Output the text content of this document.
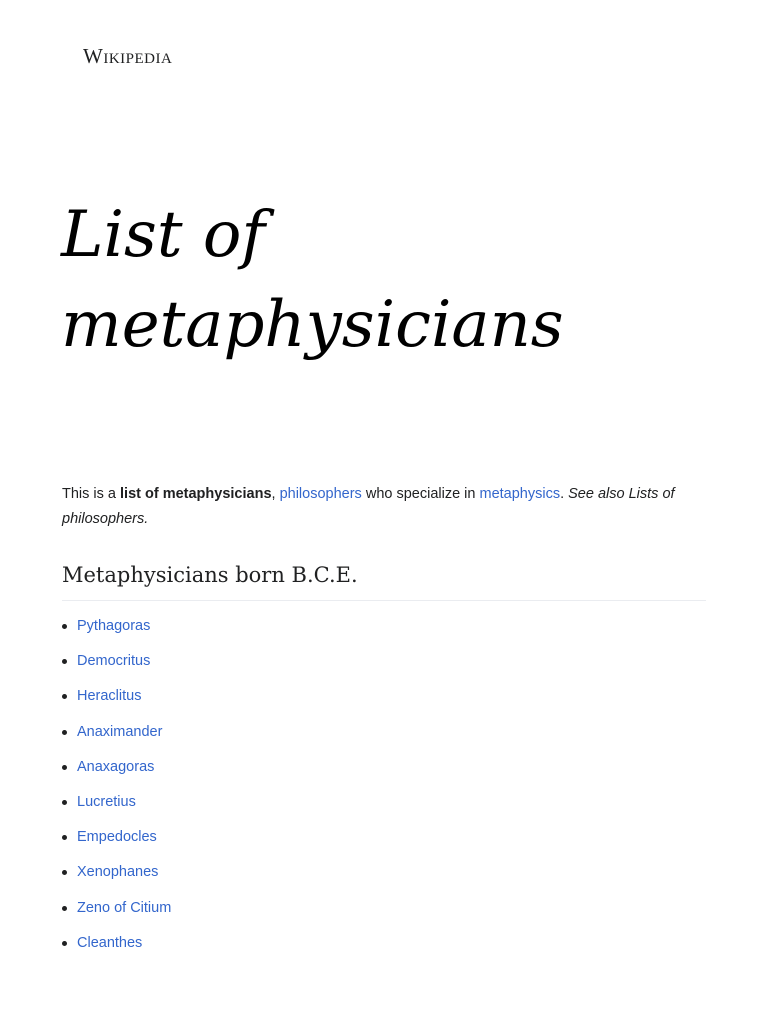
Wikipedia
List of metaphysicians
This is a list of metaphysicians, philosophers who specialize in metaphysics. See also Lists of philosophers.
Metaphysicians born B.C.E.
Pythagoras
Democritus
Heraclitus
Anaximander
Anaxagoras
Lucretius
Empedocles
Xenophanes
Zeno of Citium
Cleanthes
